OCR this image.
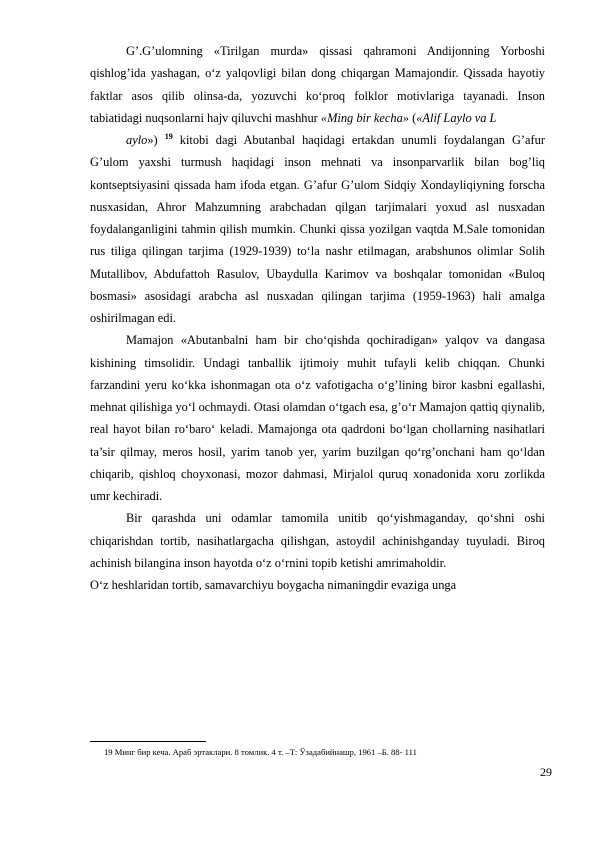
G’.G’ulomning «Tirilgan murda» qissasi qahramoni Andijonning Yorboshi qishlog’ida yashagan, o‘z yalqovligi bilan dong chiqargan Mamajondir. Qissada hayotiy faktlar asos qilib olinsa-da, yozuvchi ko‘proq folklor motivlariga tayanadi. Inson tabiatidagi nuqsonlarni hajv qiluvchi mashhur «Ming bir kecha» («Alif Laylo va L

aylo») $^{19}$ kitobi dagi Abutanbal haqidagi ertakdan unumli foydalangan G’afur G’ulom yaxshi turmush haqidagi inson mehnati va insonparvarlik bilan bog’liq kontseptsiyasini qissada ham ifoda etgan. G’afur G’ulom Sidqiy Xondayliqiyning forscha nusxasidan, Ahror Mahzumning arabchadan qilgan tarjimalari yoxud asl nusxadan foydalanganligini tahmin qilish mumkin. Chunki qissa yozilgan vaqtda M.Sale tomonidan rus tiliga qilingan tarjima (1929-1939) to‘la nashr etilmagan, arabshunos olimlar Solih Mutallibov, Abdufattoh Rasulov, Ubaydulla Karimov va boshqalar tomonidan «Buloq bosmasi» asosidagi arabcha asl nusxadan qilingan tarjima (1959-1963) hali amalga oshirilmagan edi.

Mamajon «Abutanbalni ham bir cho‘qishda qochiradigan» yalqov va dangasa kishining timsolidir. Undagi tanballik ijtimoiy muhit tufayli kelib chiqqan. Chunki farzandini yeru ko‘kka ishonmagan ota o‘z vafotigacha o‘g’lining biror kasbni egallashi, mehnat qilishiga yo‘l ochmaydi. Otasi olamdan o‘tgach esa, g’o‘r Mamajon qattiq qiynalib, real hayot bilan ro‘baro‘ keladi. Mamajonga ota qadrdoni bo‘lgan chollarning nasihatlari ta’sir qilmay, meros hosil, yarim tanob yer, yarim buzilgan qo‘rg’onchani ham qo‘ldan chiqarib, qishloq choyxonasi, mozor dahmasi, Mirjalol quruq xonadonida xoru zorlikda umr kechiradi.

Bir qarashda uni odamlar tamomila unitib qo‘yishmaganday, qo‘shni oshi chiqarishdan tortib, nasihatlargacha qilishgan, astoydil achinishganday tuyuladi. Biroq achinish bilangina inson hayotda o‘z o‘rnini topib ketishi amrimaholdir.

O‘z heshlaridan tortib, samavarchiyu boygacha nimaningdir evaziga unga

19 Минг бир кеча. Араб эртаклари. 8 томлик. 4 т. –Т: Ўзадабийнашр, 1961 –Б. 88- 111
29
